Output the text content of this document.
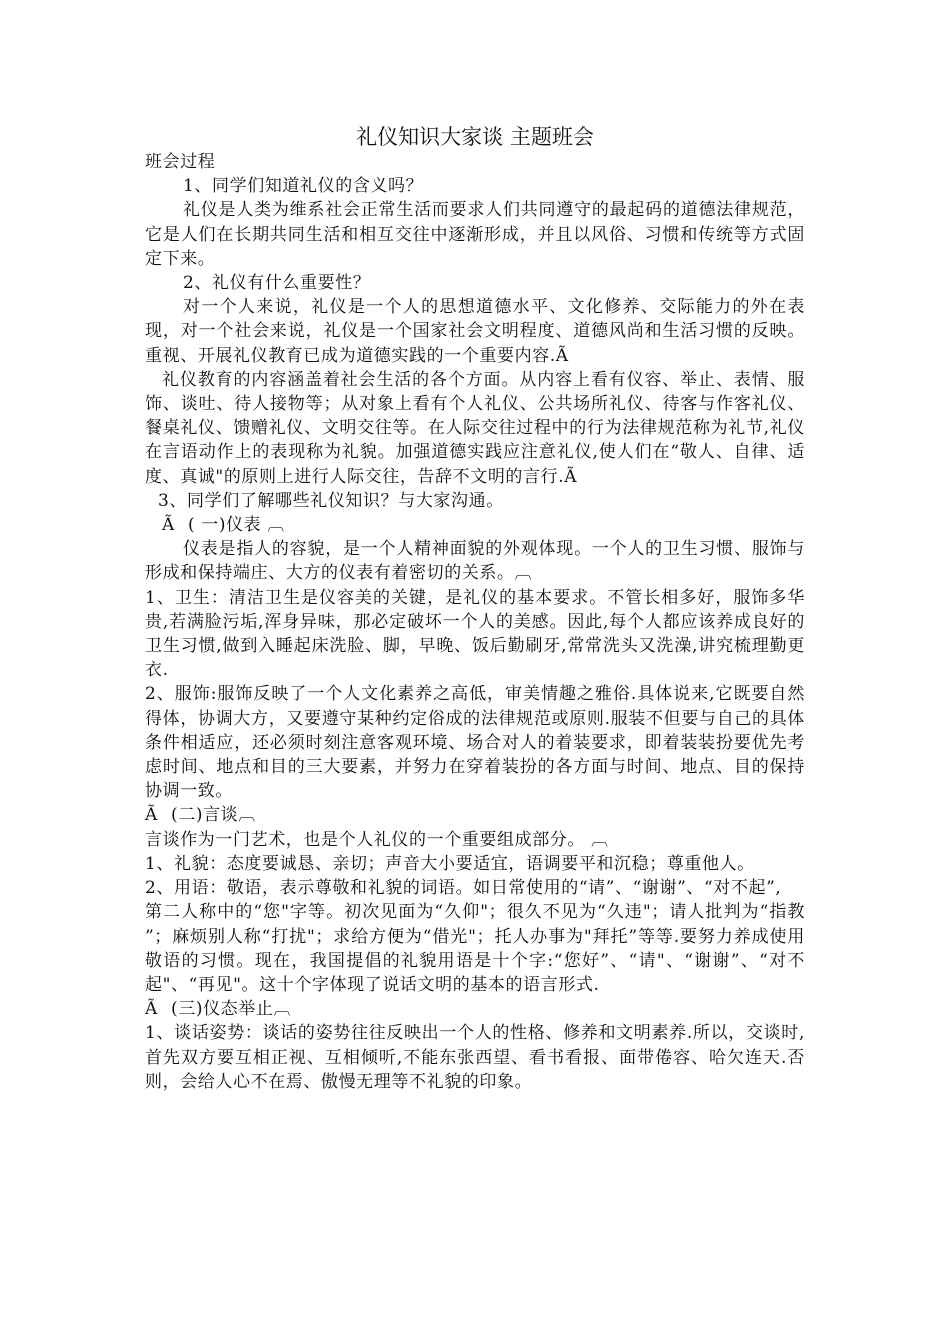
礼仪知识大家谈 主题班会

班会过程

1、同学们知道礼仪的含义吗？

礼仪是人类为维系社会正常生活而要求人们共同遵守的最起码的道德法律规范，它是人们在长期共同生活和相互交往中逐渐形成，并且以风俗、习惯和传统等方式固定下来。

2、礼仪有什么重要性？

对一个人来说，礼仪是一个人的思想道德水平、文化修养、交际能力的外在表现，对一个社会来说，礼仪是一个国家社会文明程度、道德风尚和生活习惯的反映。重视、开展礼仪教育已成为道德实践的一个重要内容.Ã

礼仪教育的内容涵盖着社会生活的各个方面。从内容上看有仪容、举止、表情、服饰、谈吐、待人接物等；从对象上看有个人礼仪、公共场所礼仪、待客与作客礼仪、餐桌礼仪、馈赠礼仪、文明交往等。在人际交往过程中的行为法律规范称为礼节,礼仪在言语动作上的表现称为礼貌。加强道德实践应注意礼仪,使人们在“敬人、自律、适度、真诚"的原则上进行人际交往，告辞不文明的言行.Ã

3、同学们了解哪些礼仪知识？与大家沟通。

Ã ( 一)仪表 ︹

仪表是指人的容貌，是一个人精神面貌的外观体现。一个人的卫生习惯、服饰与形成和保持端庄、大方的仪表有着密切的关系。︹

1、卫生：清洁卫生是仪容美的关键，是礼仪的基本要求。不管长相多好，服饰多华贵,若满脸污垢,浑身异味，那必定破坏一个人的美感。因此,每个人都应该养成良好的卫生习惯,做到入睡起床洗脸、脚，早晚、饭后勤刷牙,常常洗头又洗澡,讲究梳理勤更衣.

2、服饰:服饰反映了一个人文化素养之高低，审美情趣之雅俗.具体说来,它既要自然得体，协调大方，又要遵守某种约定俗成的法律规范或原则.服装不但要与自己的具体条件相适应，还必须时刻注意客观环境、场合对人的着装要求，即着装装扮要优先考虑时间、地点和目的三大要素，并努力在穿着装扮的各方面与时间、地点、目的保持协调一致。

Ã (二)言谈︹

言谈作为一门艺术，也是个人礼仪的一个重要组成部分。 ︹

1、礼貌：态度要诚恳、亲切；声音大小要适宜，语调要平和沉稳；尊重他人。

2、用语：敬语，表示尊敬和礼貌的词语。如日常使用的“请”、“谢谢”、“对不起”,

第二人称中的“您"字等。初次见面为“久仰"；很久不见为“久违"；请人批判为“指教 ”；麻烦别人称“打扰"；求给方便为“借光"；托人办事为"拜托”等等.要努力养成使用敬语的习惯。现在，我国提倡的礼貌用语是十个字:“您好”、“请"、“谢谢”、“对不起"、“再见"。这十个字体现了说话文明的基本的语言形式.

Ã (三)仪态举止︹

1、谈话姿势：谈话的姿势往往反映出一个人的性格、修养和文明素养.所以，交谈时,首先双方要互相正视、互相倾听,不能东张西望、看书看报、面带倦容、哈欠连天.否则，会给人心不在焉、傲慢无理等不礼貌的印象。
